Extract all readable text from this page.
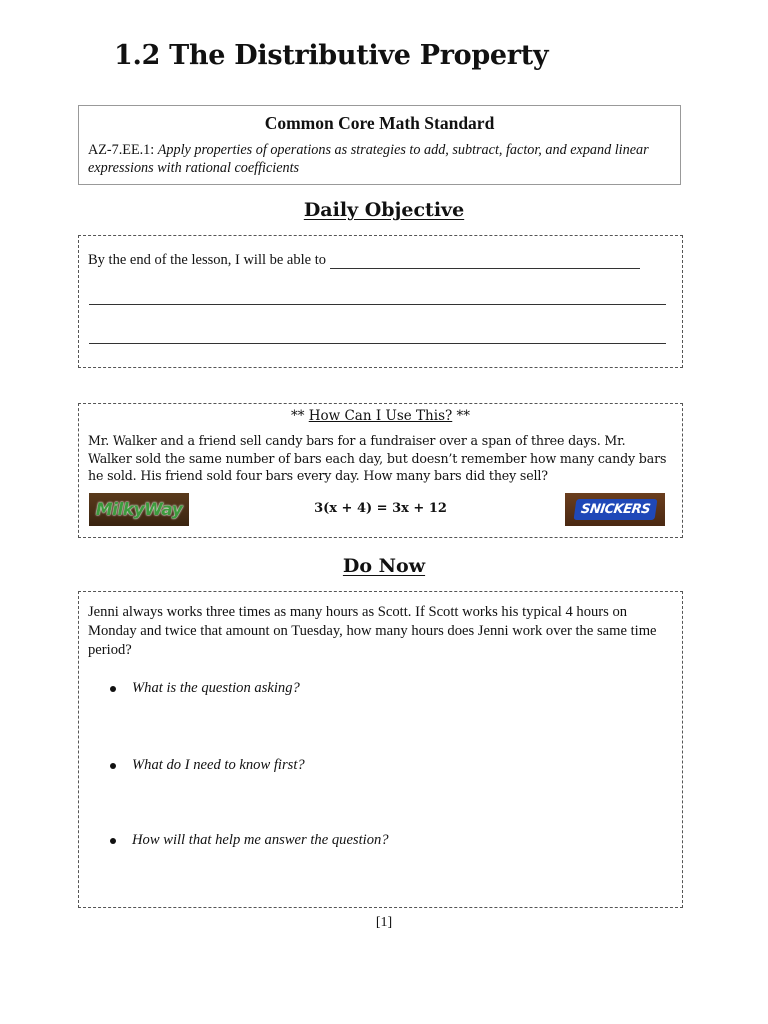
1.2 The Distributive Property
Common Core Math Standard
AZ-7.EE.1: Apply properties of operations as strategies to add, subtract, factor, and expand linear expressions with rational coefficients
Daily Objective
By the end of the lesson, I will be able to
** How Can I Use This? **
Mr. Walker and a friend sell candy bars for a fundraiser over a span of three days. Mr. Walker sold the same number of bars each day, but doesn’t remember how many candy bars he sold. His friend sold four bars every day. How many bars did they sell?
MilkyWay	3(x + 4) = 3x + 12	SNICKERS
Do Now
Jenni always works three times as many hours as Scott. If Scott works his typical 4 hours on Monday and twice that amount on Tuesday, how many hours does Jenni work over the same time period?
What is the question asking?
What do I need to know first?
How will that help me answer the question?
[1]
